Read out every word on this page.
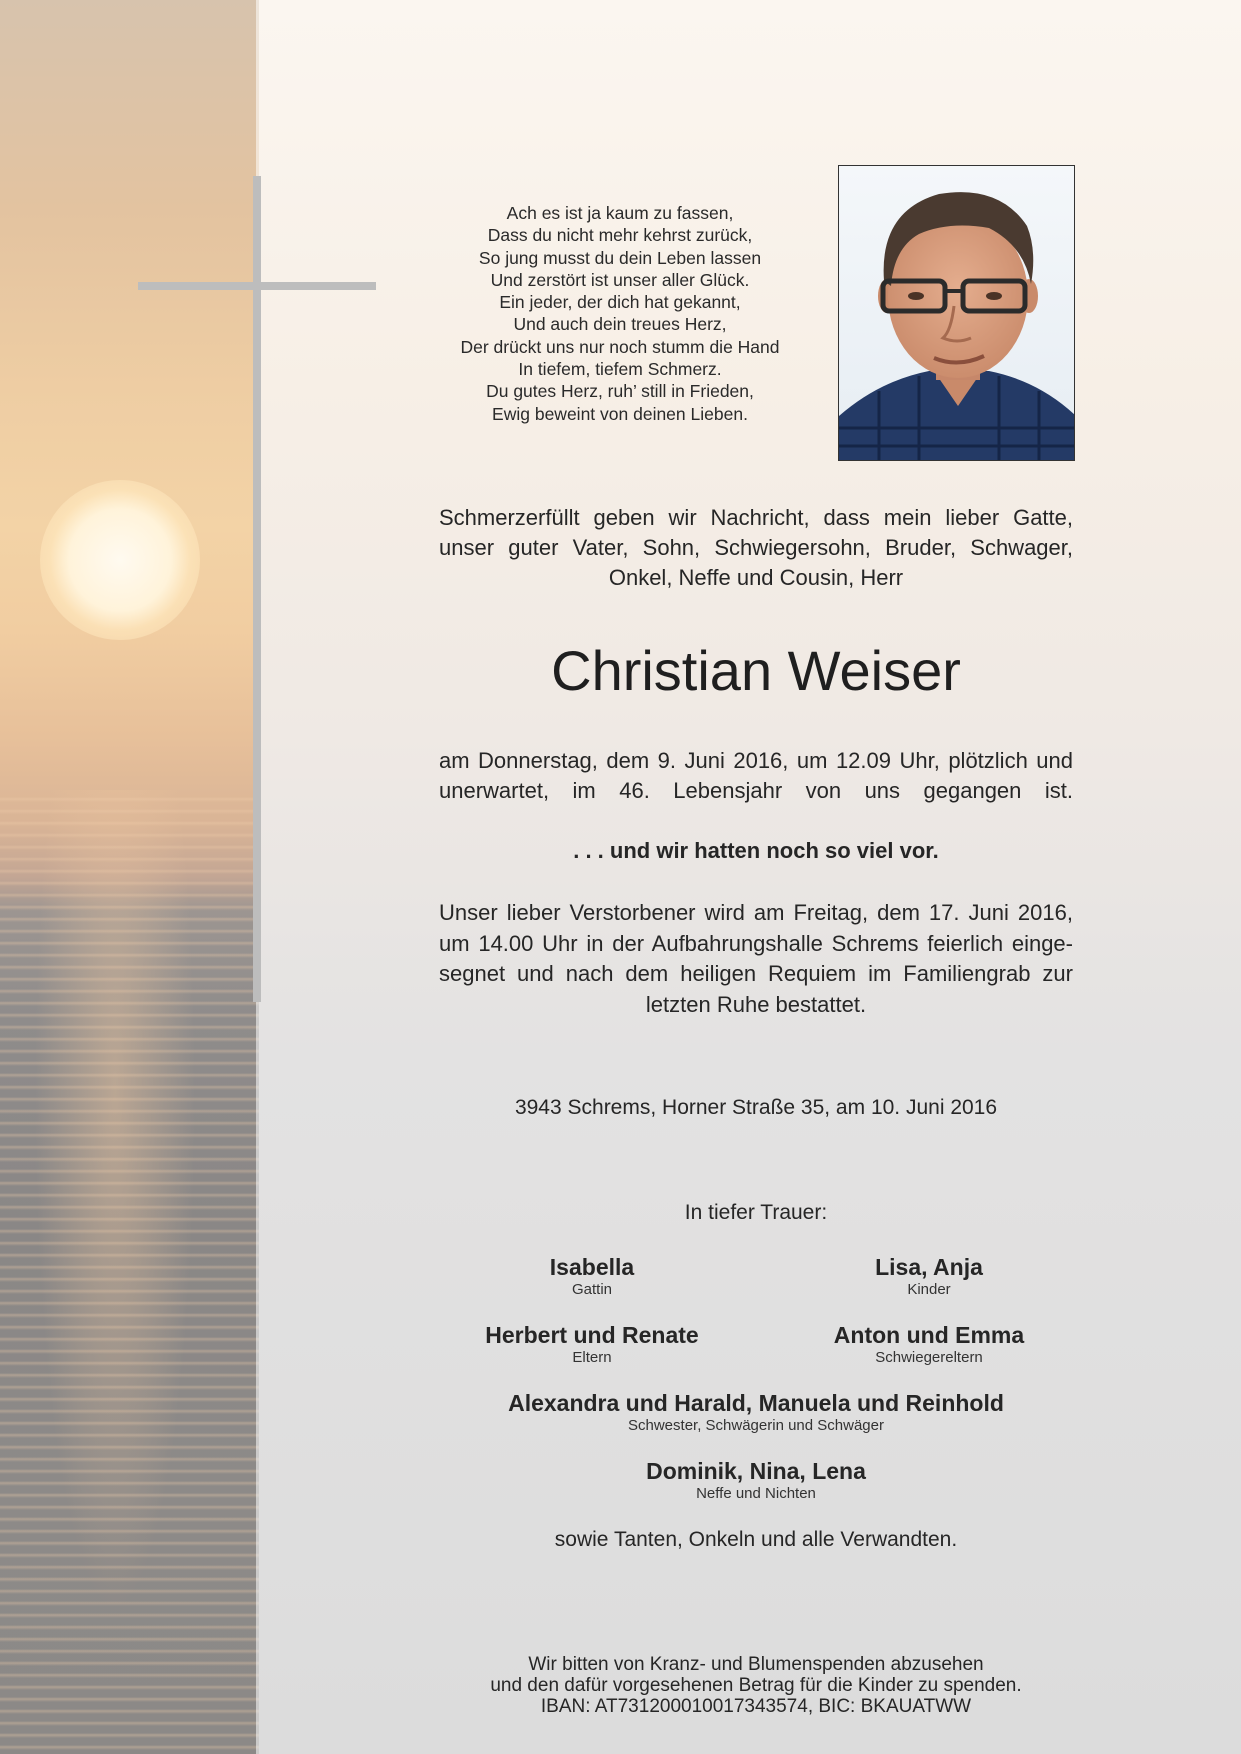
Ach es ist ja kaum zu fassen,
Dass du nicht mehr kehrst zurück,
So jung musst du dein Leben lassen
Und zerstört ist unser aller Glück.
Ein jeder, der dich hat gekannt,
Und auch dein treues Herz,
Der drückt uns nur noch stumm die Hand
In tiefem, tiefem Schmerz.
Du gutes Herz, ruh’ still in Frieden,
Ewig beweint von deinen Lieben.
Schmerzerfüllt geben wir Nachricht, dass mein lieber Gatte, unser guter Vater, Sohn, Schwiegersohn, Bruder, Schwager, Onkel, Neffe und Cousin, Herr
Christian Weiser
am Donnerstag, dem 9. Juni 2016, um 12.09 Uhr, plötzlich und unerwartet, im 46. Lebensjahr von uns gegangen ist.
. . . und wir hatten noch so viel vor.
Unser lieber Verstorbener wird am Freitag, dem 17. Juni 2016, um 14.00 Uhr in der Aufbahrungshalle Schrems feierlich einge-segnet und nach dem heiligen Requiem im Familiengrab zur letzten Ruhe bestattet.
3943 Schrems, Horner Straße 35, am 10. Juni 2016
In tiefer Trauer:
Isabella
Gattin
Lisa, Anja
Kinder
Herbert und Renate
Eltern
Anton und Emma
Schwiegereltern
Alexandra und Harald, Manuela und Reinhold
Schwester, Schwägerin und Schwäger
Dominik, Nina, Lena
Neffe und Nichten
sowie Tanten, Onkeln und alle Verwandten.
Wir bitten von Kranz- und Blumenspenden abzusehen
und den dafür vorgesehenen Betrag für die Kinder zu spenden.
IBAN: AT731200010017343574, BIC: BKAUATWW
